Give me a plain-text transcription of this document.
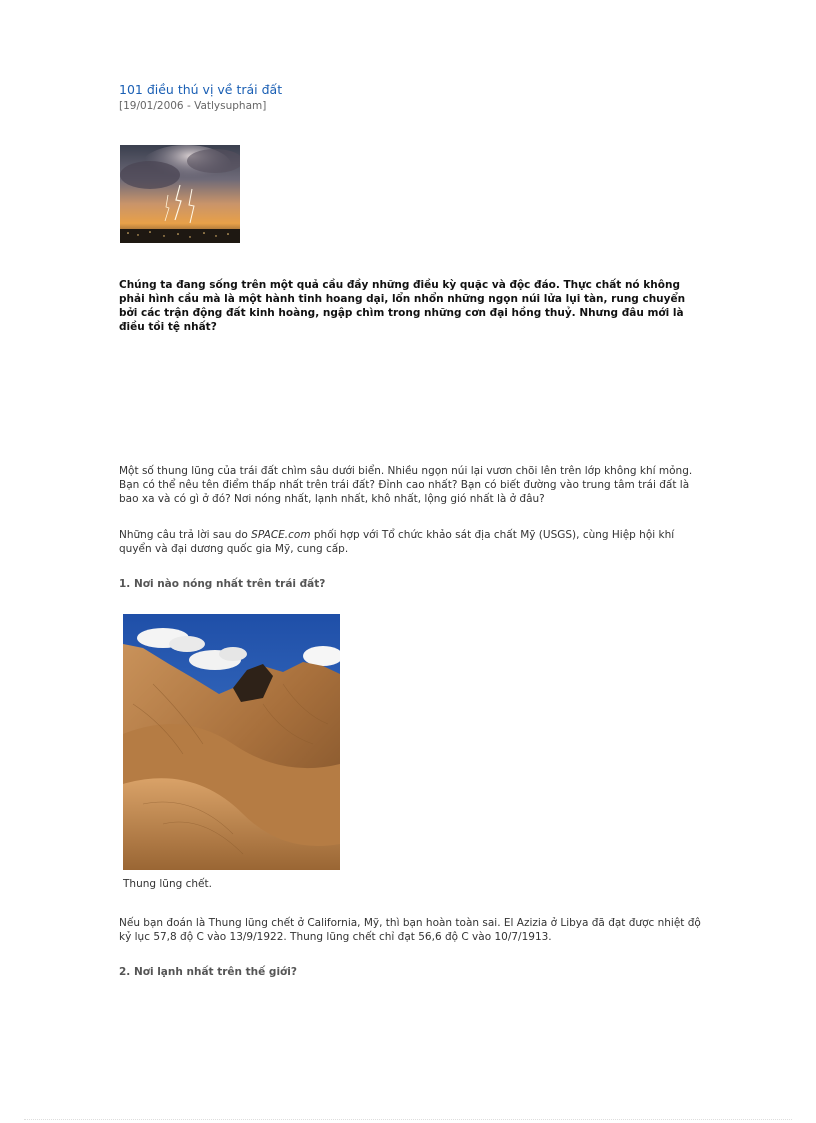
101 điều thú vị về trái đất
[19/01/2006 - Vatlysupham]

Chúng ta đang sống trên một quả cầu đầy những điều kỳ quặc và độc đáo. Thực chất nó không phải hình cầu mà là một hành tinh hoang dại, lổn nhổn những ngọn núi lửa lụi tàn, rung chuyển bởi các trận động đất kinh hoàng, ngập chìm trong những cơn đại hồng thuỷ. Nhưng đâu mới là điều tồi tệ nhất?

Một số thung lũng của trái đất chìm sâu dưới biển. Nhiều ngọn núi lại vươn chõi lên trên lớp không khí mỏng. Bạn có thể nêu tên điểm thấp nhất trên trái đất? Đỉnh cao nhất? Bạn có biết đường vào trung tâm trái đất là bao xa và có gì ở đó? Nơi nóng nhất, lạnh nhất, khô nhất, lộng gió nhất là ở đâu?

Những câu trả lời sau do SPACE.com phối hợp với Tổ chức khảo sát địa chất Mỹ (USGS), cùng Hiệp hội khí quyển và đại dương quốc gia Mỹ, cung cấp.

1. Nơi nào nóng nhất trên trái đất?
Thung lũng chết.

Nếu bạn đoán là Thung lũng chết ở California, Mỹ, thì bạn hoàn toàn sai. El Azizia ở Libya đã đạt được nhiệt độ kỷ lục 57,8 độ C vào 13/9/1922. Thung lũng chết chỉ đạt 56,6 độ C vào 10/7/1913.

2. Nơi lạnh nhất trên thế giới?
